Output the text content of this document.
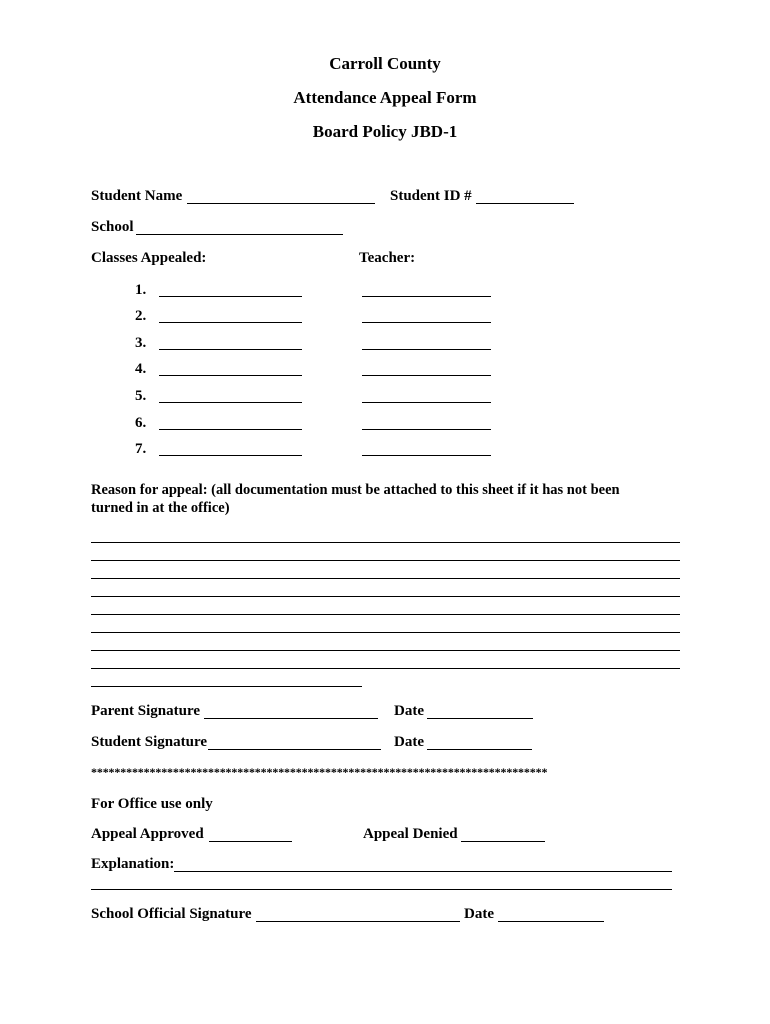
Carroll County
Attendance Appeal Form
Board Policy JBD-1
Student Name	Student ID #
School
Classes Appealed:	Teacher:
1.
2.
3.
4.
5.
6.
7.
Reason for appeal: (all documentation must be attached to this sheet if it has not been
turned in at the office)
Parent Signature	Date
Student Signature	Date
******************************************************************************
For Office use only
Appeal Approved	Appeal Denied
Explanation:
School Official Signature	Date
